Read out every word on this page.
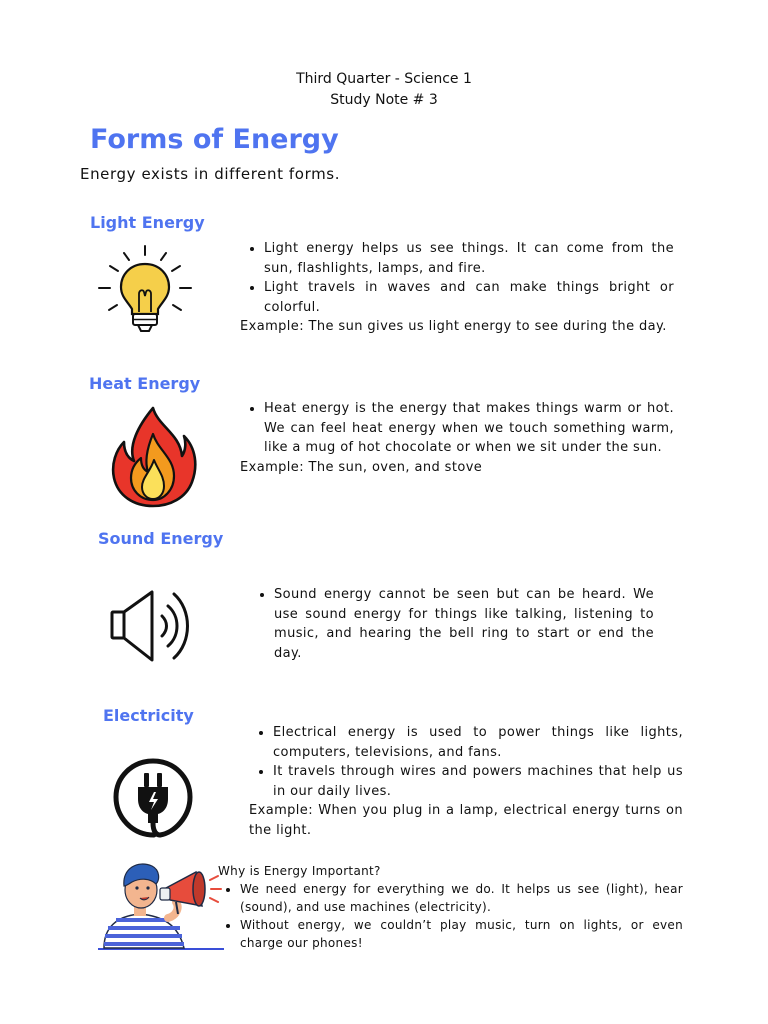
Third Quarter - Science 1
Study Note # 3
Forms of Energy
Energy exists in different forms.
Light Energy
• Light energy helps us see things. It can come from the sun, flashlights, lamps, and fire.
• Light travels in waves and can make things bright or colorful.
Example: The sun gives us light energy to see during the day.
Heat Energy
• Heat energy is the energy that makes things warm or hot. We can feel heat energy when we touch something warm, like a mug of hot chocolate or when we sit under the sun.
Example: The sun, oven, and stove
Sound Energy
• Sound energy cannot be seen but can be heard. We use sound energy for things like talking, listening to music, and hearing the bell ring to start or end the day.
Electricity
• Electrical energy is used to power things like lights, computers, televisions, and fans.
• It travels through wires and powers machines that help us in our daily lives.
Example: When you plug in a lamp, electrical energy turns on the light.
Why is Energy Important?
• We need energy for everything we do. It helps us see (light), hear (sound), and use machines (electricity).
• Without energy, we couldn’t play music, turn on lights, or even charge our phones!
